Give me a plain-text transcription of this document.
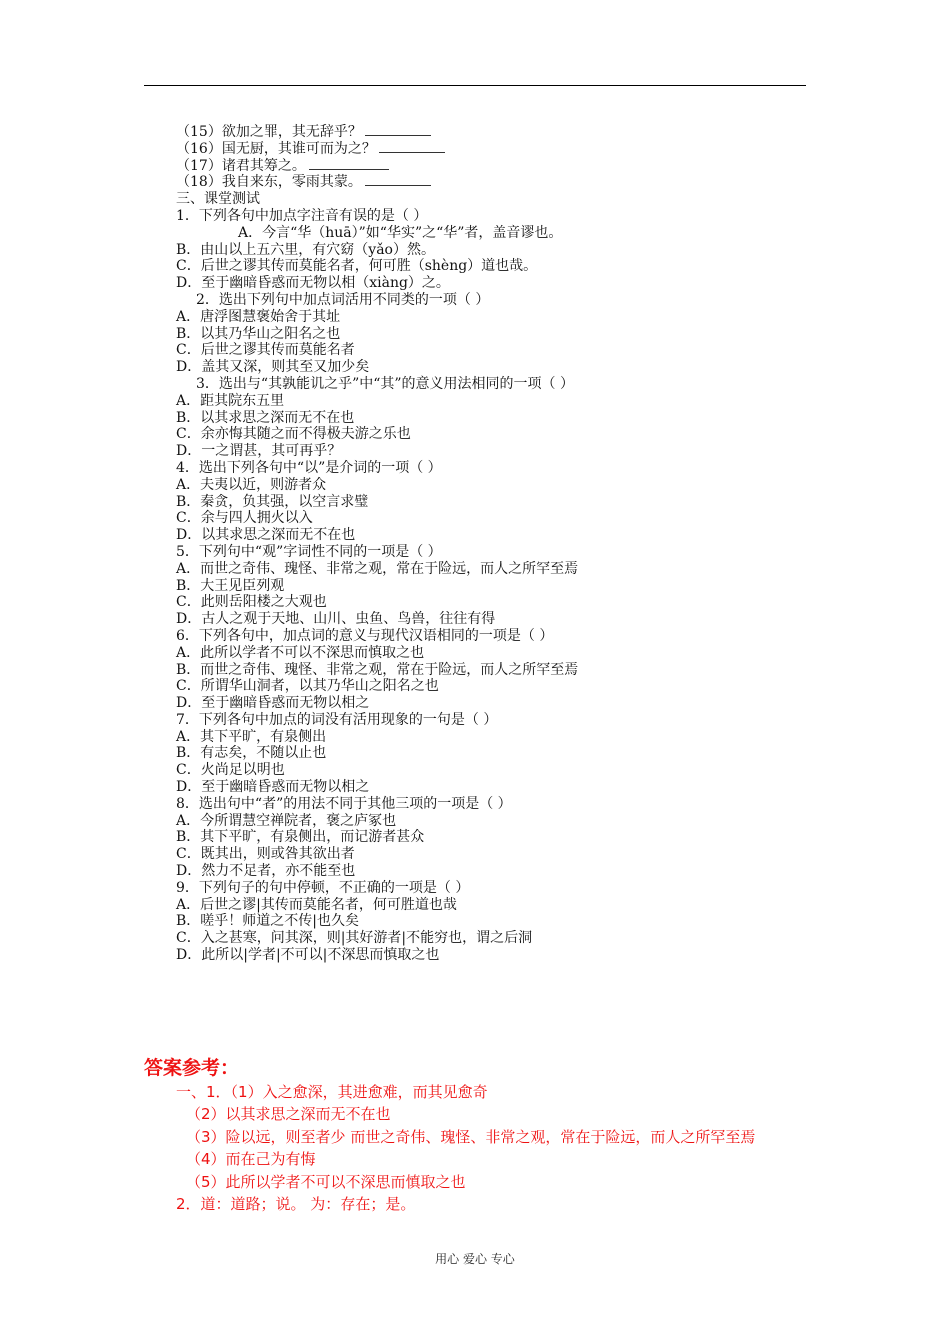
（15）欲加之罪，其无辞乎？
（16）国无厨，其谁可而为之？
（17）诸君其筹之。
（18）我自来东，零雨其蒙。
三、课堂测试
1．下列各句中加点字注音有误的是（ ）
A．今言“华（huā）”如“华实”之“华”者，盖音谬也。
B．由山以上五六里，有穴窈（yǎo）然。
C．后世之谬其传而莫能名者，何可胜（shèng）道也哉。
D．至于幽暗昏惑而无物以相（xiàng）之。
2．选出下列句中加点词活用不同类的一项（ ）
A．唐浮图慧褒始舍于其址
B．以其乃华山之阳名之也
C．后世之谬其传而莫能名者
D．盖其又深，则其至又加少矣
3．选出与“其孰能讥之乎”中“其”的意义用法相同的一项（ ）
A．距其院东五里
B．以其求思之深而无不在也
C．余亦悔其随之而不得极夫游之乐也
D．一之谓甚，其可再乎？
4．选出下列各句中“以”是介词的一项（ ）
A．夫夷以近，则游者众
B．秦贪，负其强，以空言求璧
C．余与四人拥火以入
D．以其求思之深而无不在也
5．下列句中“观”字词性不同的一项是（ ）
A．而世之奇伟、瑰怪、非常之观，常在于险远，而人之所罕至焉
B．大王见臣列观
C．此则岳阳楼之大观也
D．古人之观于天地、山川、虫鱼、鸟兽，往往有得
6．下列各句中，加点词的意义与现代汉语相同的一项是（ ）
A．此所以学者不可以不深思而慎取之也
B．而世之奇伟、瑰怪、非常之观，常在于险远，而人之所罕至焉
C．所谓华山洞者，以其乃华山之阳名之也
D．至于幽暗昏惑而无物以相之
7．下列各句中加点的词没有活用现象的一句是（ ）
A．其下平旷，有泉侧出
B．有志矣，不随以止也
C．火尚足以明也
D．至于幽暗昏惑而无物以相之
8．选出句中“者”的用法不同于其他三项的一项是（ ）
A．今所谓慧空禅院者，褒之庐冢也
B．其下平旷，有泉侧出，而记游者甚众
C．既其出，则或咎其欲出者
D．然力不足者，亦不能至也
9．下列句子的句中停顿，不正确的一项是（ ）
A．后世之谬|其传而莫能名者，何可胜道也哉
B．嗟乎！师道之不传|也久矣
C．入之甚寒，问其深，则|其好游者|不能穷也，谓之后洞
D．此所以|学者|不可以|不深思而慎取之也
答案参考：
一、1．（1）入之愈深，其进愈难，而其见愈奇
（2）以其求思之深而无不在也
（3）险以远，则至者少 而世之奇伟、瑰怪、非常之观，常在于险远，而人之所罕至焉
（4）而在己为有悔
（5）此所以学者不可以不深思而慎取之也
2．道：道路；说。 为：存在；是。
用心 爱心 专心
